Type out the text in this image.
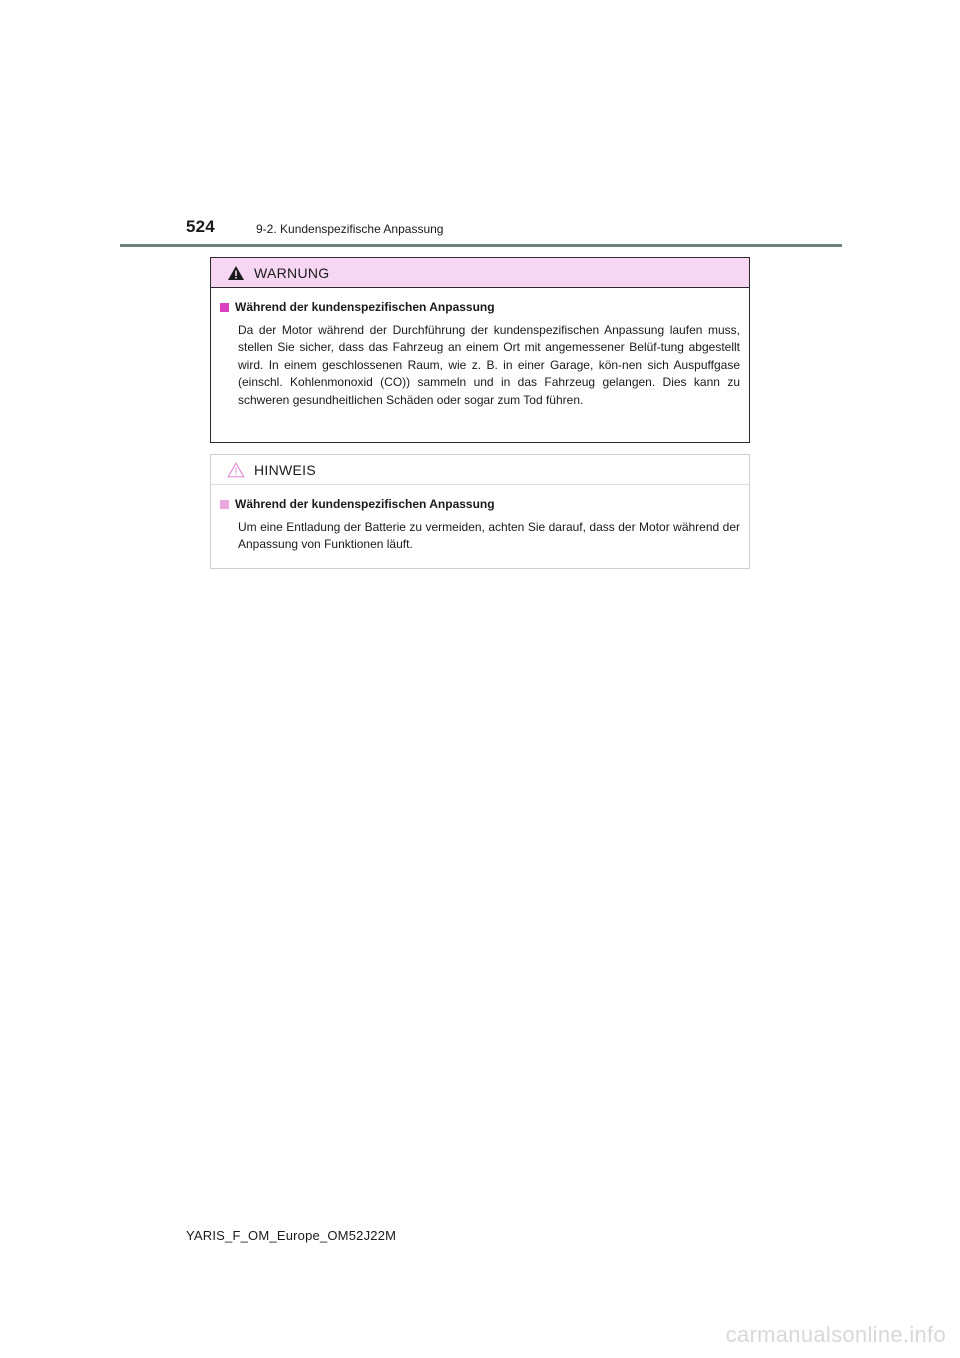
524	9-2. Kundenspezifische Anpassung
WARNUNG
Während der kundenspezifischen Anpassung

Da der Motor während der Durchführung der kundenspezifischen Anpassung laufen muss, stellen Sie sicher, dass das Fahrzeug an einem Ort mit angemessener Belüf-tung abgestellt wird. In einem geschlossenen Raum, wie z. B. in einer Garage, kön-nen sich Auspuffgase (einschl. Kohlenmonoxid (CO)) sammeln und in das Fahrzeug gelangen. Dies kann zu schweren gesundheitlichen Schäden oder sogar zum Tod führen.

HINWEIS
Während der kundenspezifischen Anpassung

Um eine Entladung der Batterie zu vermeiden, achten Sie darauf, dass der Motor während der Anpassung von Funktionen läuft.

YARIS_F_OM_Europe_OM52J22M
carmanualsonline.info
